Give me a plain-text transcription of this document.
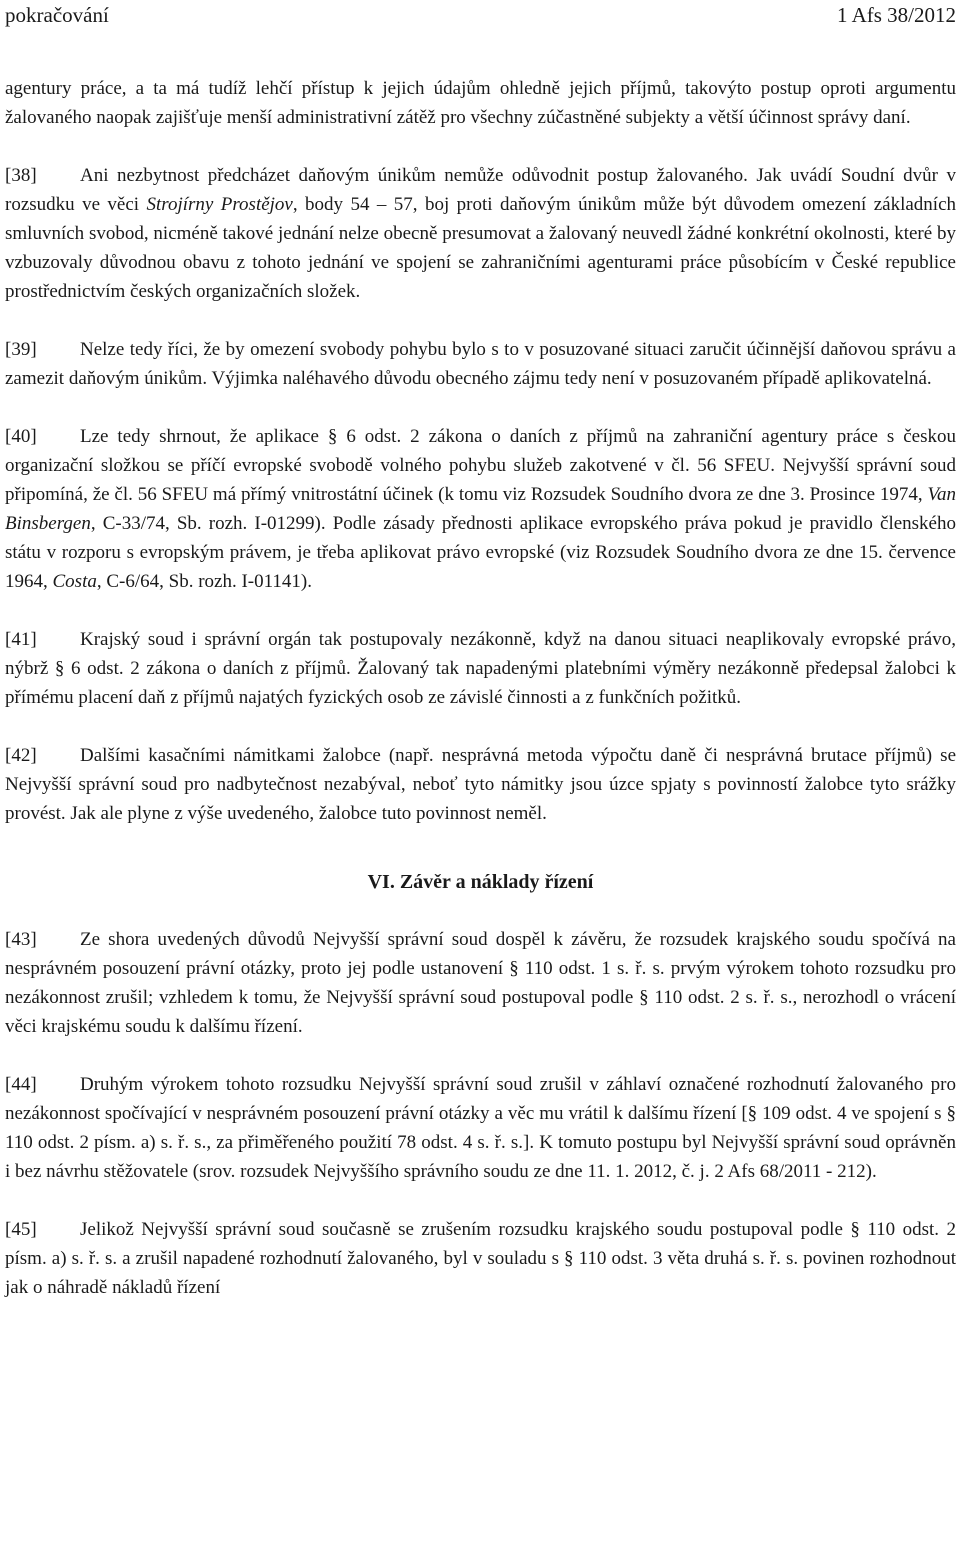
pokračování	1 Afs 38/2012

agentury práce, a ta má tudíž lehčí přístup k jejich údajům ohledně jejich příjmů, takovýto postup oproti argumentu žalovaného naopak zajišťuje menší administrativní zátěž pro všechny zúčastněné subjekty a větší účinnost správy daní.

[38] Ani nezbytnost předcházet daňovým únikům nemůže odůvodnit postup žalovaného. Jak uvádí Soudní dvůr v rozsudku ve věci Strojírny Prostějov, body 54 – 57, boj proti daňovým únikům může být důvodem omezení základních smluvních svobod, nicméně takové jednání nelze obecně presumovat a žalovaný neuvedl žádné konkrétní okolnosti, které by vzbuzovaly důvodnou obavu z tohoto jednání ve spojení se zahraničními agenturami práce působícím v České republice prostřednictvím českých organizačních složek.

[39] Nelze tedy říci, že by omezení svobody pohybu bylo s to v posuzované situaci zaručit účinnější daňovou správu a zamezit daňovým únikům. Výjimka naléhavého důvodu obecného zájmu tedy není v posuzovaném případě aplikovatelná.

[40] Lze tedy shrnout, že aplikace § 6 odst. 2 zákona o daních z příjmů na zahraniční agentury práce s českou organizační složkou se příčí evropské svobodě volného pohybu služeb zakotvené v čl. 56 SFEU. Nejvyšší správní soud připomíná, že čl. 56 SFEU má přímý vnitrostátní účinek (k tomu viz Rozsudek Soudního dvora ze dne 3. Prosince 1974, Van Binsbergen, C-33/74, Sb. rozh. I-01299). Podle zásady přednosti aplikace evropského práva pokud je pravidlo členského státu v rozporu s evropským právem, je třeba aplikovat právo evropské (viz Rozsudek Soudního dvora ze dne 15. července 1964, Costa, C-6/64, Sb. rozh. I-01141).

[41] Krajský soud i správní orgán tak postupovaly nezákonně, když na danou situaci neaplikovaly evropské právo, nýbrž § 6 odst. 2 zákona o daních z příjmů. Žalovaný tak napadenými platebními výměry nezákonně předepsal žalobci k přímému placení daň z příjmů najatých fyzických osob ze závislé činnosti a z funkčních požitků.

[42] Dalšími kasačními námitkami žalobce (např. nesprávná metoda výpočtu daně či nesprávná brutace příjmů) se Nejvyšší správní soud pro nadbytečnost nezabýval, neboť tyto námitky jsou úzce spjaty s povinností žalobce tyto srážky provést. Jak ale plyne z výše uvedeného, žalobce tuto povinnost neměl.

VI. Závěr a náklady řízení

[43] Ze shora uvedených důvodů Nejvyšší správní soud dospěl k závěru, že rozsudek krajského soudu spočívá na nesprávném posouzení právní otázky, proto jej podle ustanovení § 110 odst. 1 s. ř. s. prvým výrokem tohoto rozsudku pro nezákonnost zrušil; vzhledem k tomu, že Nejvyšší správní soud postupoval podle § 110 odst. 2 s. ř. s., nerozhodl o vrácení věci krajskému soudu k dalšímu řízení.

[44] Druhým výrokem tohoto rozsudku Nejvyšší správní soud zrušil v záhlaví označené rozhodnutí žalovaného pro nezákonnost spočívající v nesprávném posouzení právní otázky a věc mu vrátil k dalšímu řízení [§ 109 odst. 4 ve spojení s § 110 odst. 2 písm. a) s. ř. s., za přiměřeného použití 78 odst. 4 s. ř. s.]. K tomuto postupu byl Nejvyšší správní soud oprávněn i bez návrhu stěžovatele (srov. rozsudek Nejvyššího správního soudu ze dne 11. 1. 2012, č. j. 2 Afs 68/2011 - 212).

[45] Jelikož Nejvyšší správní soud současně se zrušením rozsudku krajského soudu postupoval podle § 110 odst. 2 písm. a) s. ř. s. a zrušil napadené rozhodnutí žalovaného, byl v souladu s § 110 odst. 3 věta druhá s. ř. s. povinen rozhodnout jak o náhradě nákladů řízení
